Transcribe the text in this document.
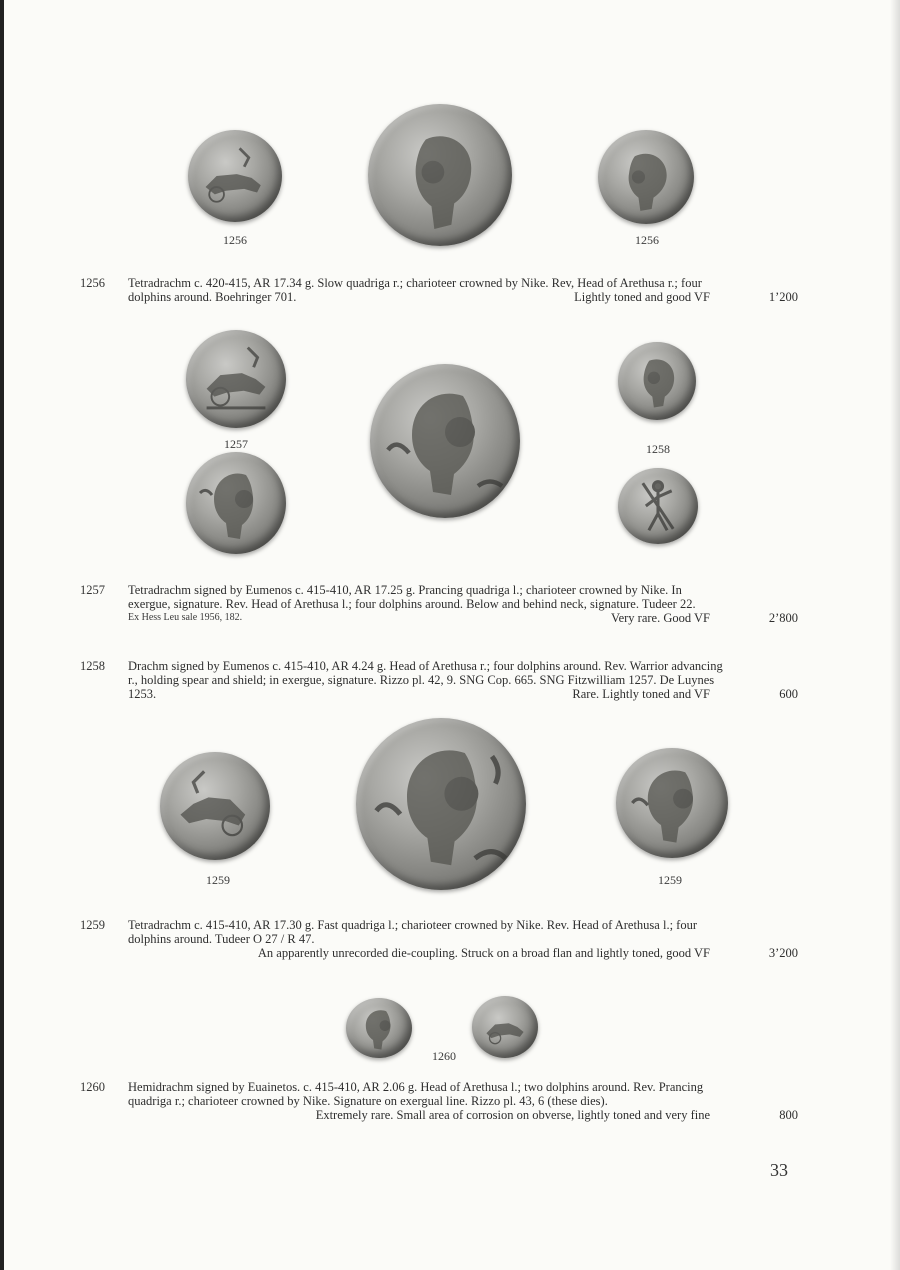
1256	1256
1256 Tetradrachm c. 420-415, AR 17.34 g. Slow quadriga r.; charioteer crowned by Nike. Rev, Head of Arethusa r.; four
dolphins around. Boehringer 701.	Lightly toned and good VF	1’200
1257	1258
1257 Tetradrachm signed by Eumenos c. 415-410, AR 17.25 g. Prancing quadriga l.; charioteer crowned by Nike. In
exergue, signature. Rev. Head of Arethusa l.; four dolphins around. Below and behind neck, signature. Tudeer 22.
Ex Hess Leu sale 1956, 182.	Very rare. Good VF	2’800
1258 Drachm signed by Eumenos c. 415-410, AR 4.24 g. Head of Arethusa r.; four dolphins around. Rev. Warrior advancing
r., holding spear and shield; in exergue, signature. Rizzo pl. 42, 9. SNG Cop. 665. SNG Fitzwilliam 1257. De Luynes
1253.	Rare. Lightly toned and VF	600
1259	1259
1259 Tetradrachm c. 415-410, AR 17.30 g. Fast quadriga l.; charioteer crowned by Nike. Rev. Head of Arethusa l.; four
dolphins around. Tudeer O 27 / R 47.
An apparently unrecorded die-coupling. Struck on a broad flan and lightly toned, good VF	3’200
1260
1260 Hemidrachm signed by Euainetos. c. 415-410, AR 2.06 g. Head of Arethusa l.; two dolphins around. Rev. Prancing
quadriga r.; charioteer crowned by Nike. Signature on exergual line. Rizzo pl. 43, 6 (these dies).
Extremely rare. Small area of corrosion on obverse, lightly toned and very fine	800
33
